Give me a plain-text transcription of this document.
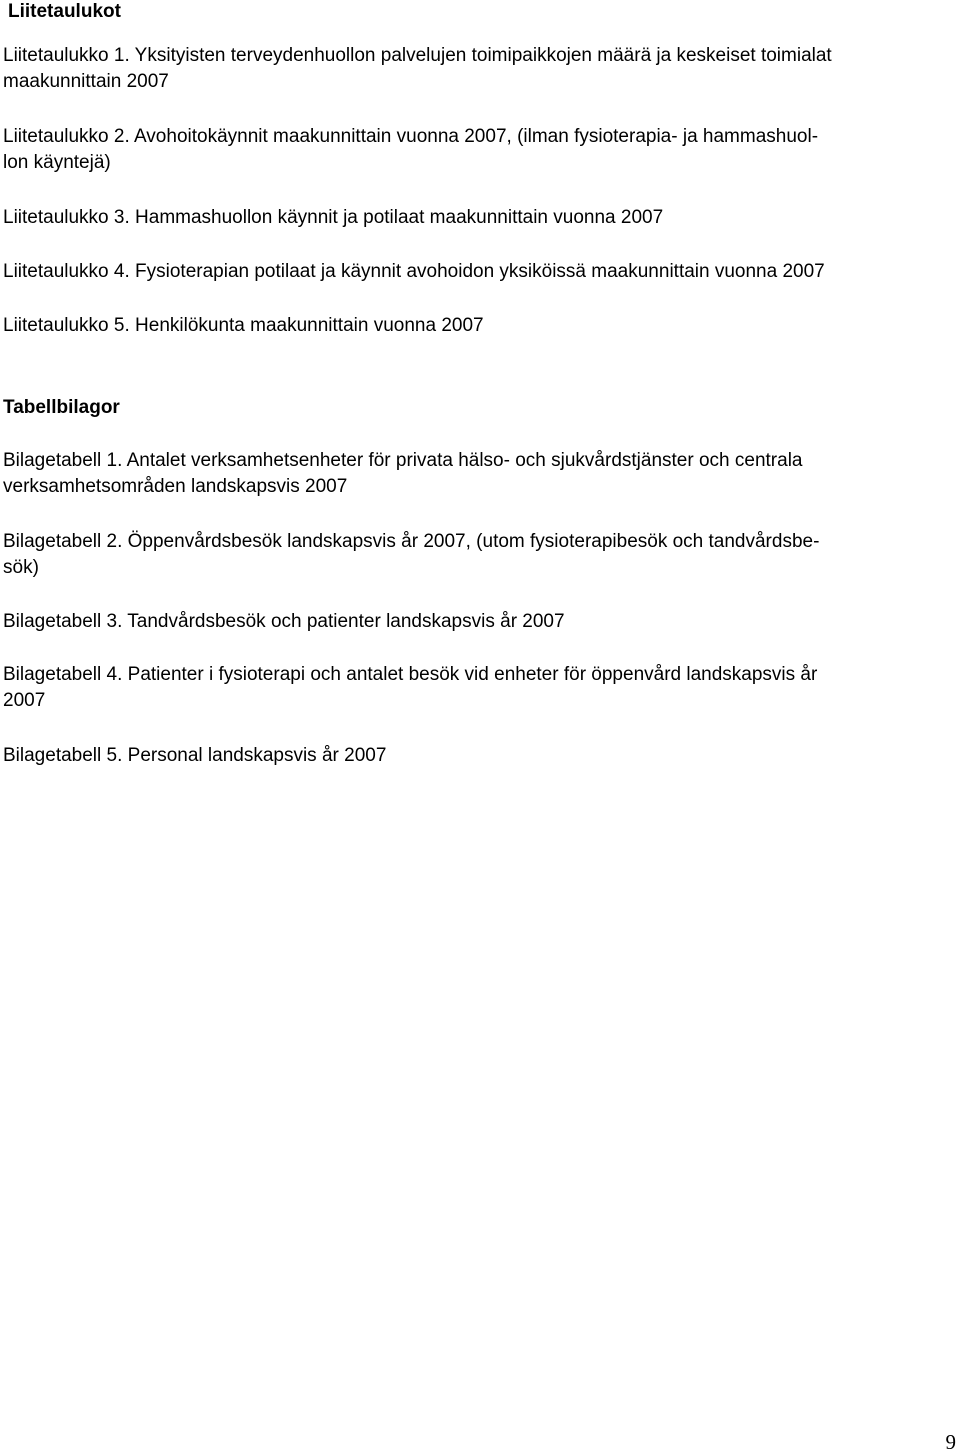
Liitetaulukot
Liitetaulukko 1. Yksityisten terveydenhuollon palvelujen toimipaikkojen määrä ja keskeiset toimialat
maakunnittain 2007
Liitetaulukko 2. Avohoitokäynnit maakunnittain vuonna 2007, (ilman fysioterapia- ja hammashuol-
lon käyntejä)
Liitetaulukko 3. Hammashuollon käynnit ja potilaat maakunnittain vuonna 2007
Liitetaulukko 4. Fysioterapian potilaat ja käynnit avohoidon yksiköissä maakunnittain vuonna 2007
Liitetaulukko 5. Henkilökunta maakunnittain vuonna 2007
Tabellbilagor
Bilagetabell 1. Antalet verksamhetsenheter för privata hälso- och sjukvårdstjänster och centrala
verksamhetsområden landskapsvis 2007
Bilagetabell 2. Öppenvårdsbesök landskapsvis år 2007, (utom fysioterapibesök och tandvårdsbe-
sök)
Bilagetabell 3. Tandvårdsbesök och patienter landskapsvis år 2007
Bilagetabell 4. Patienter i fysioterapi och antalet besök vid enheter för öppenvård landskapsvis år
2007
Bilagetabell 5. Personal landskapsvis år 2007
9
